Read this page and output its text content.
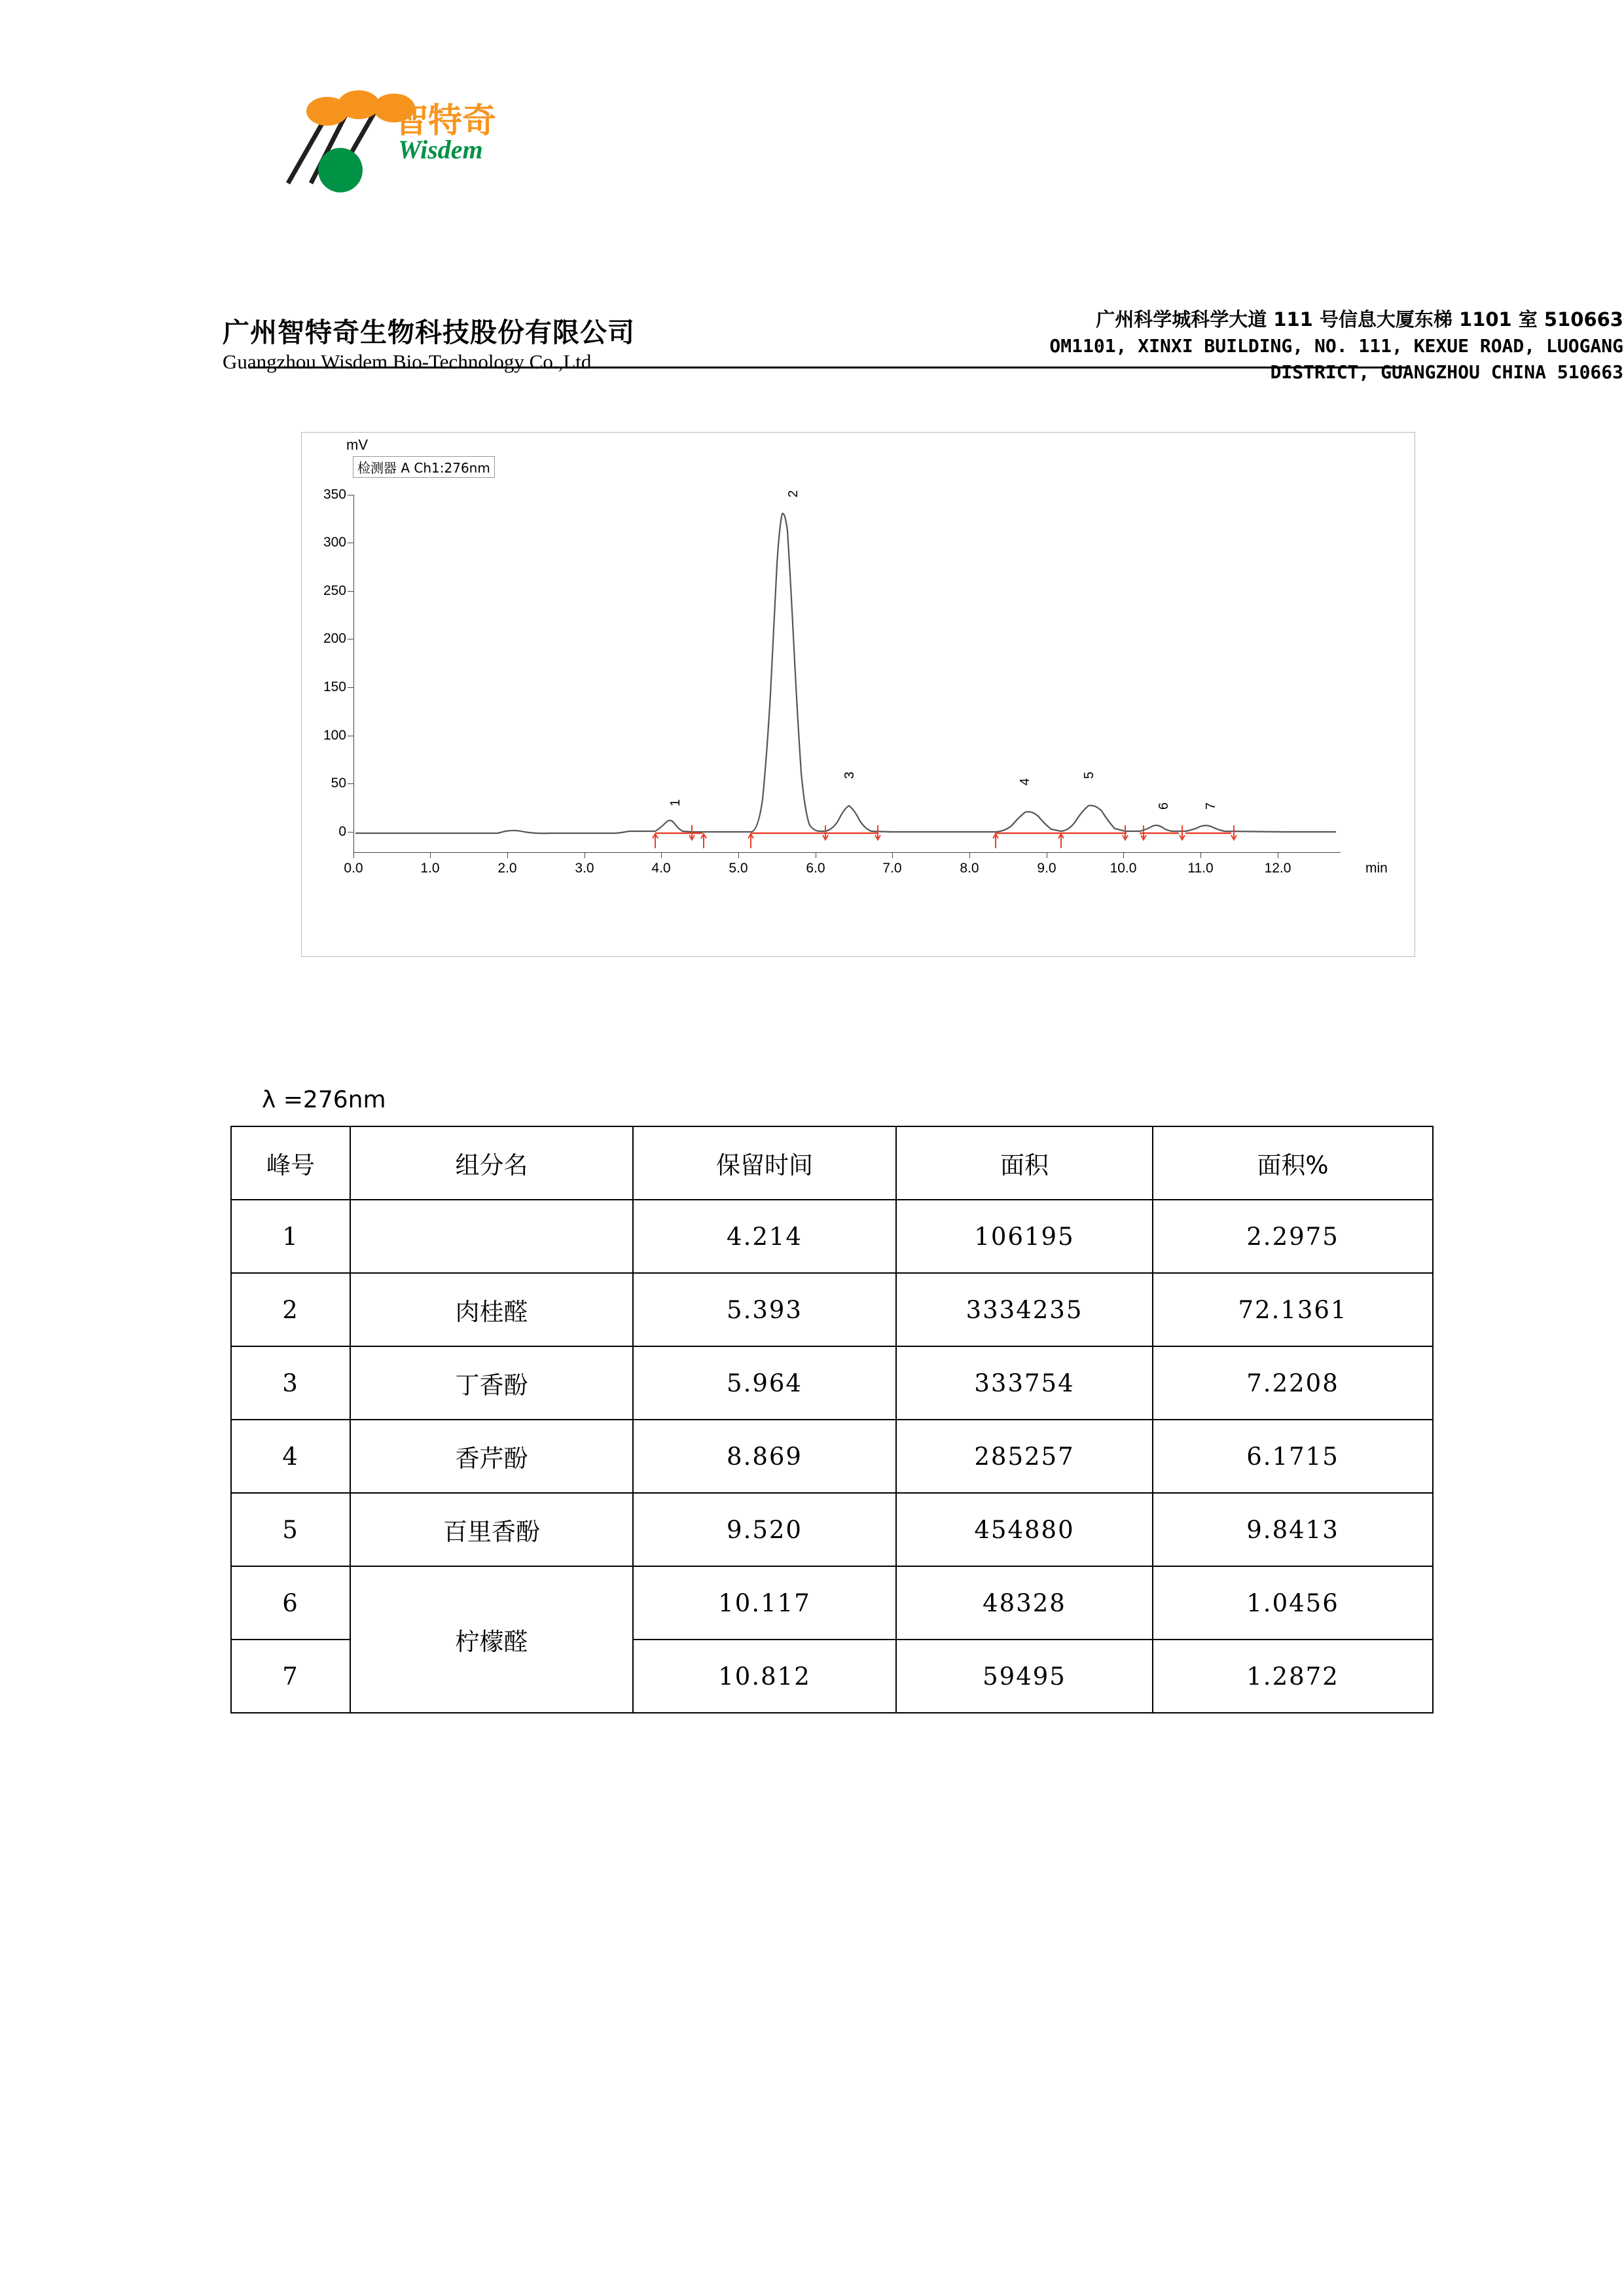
智特奇
Wisdem
广州智特奇生物科技股份有限公司
Guangzhou Wisdem Bio-Technology Co.,Ltd
广州科学城科学大道 111 号信息大厦东梯 1101 室 510663
OM1101, XINXI BUILDING, NO. 111, KEXUE ROAD, LUOGANG
DISTRICT, GUANGZHOU CHINA 510663
mV
检测器 A Ch1:276nm
350
300
250
200
150
100
50
0
0.0	1.0	2.0	3.0	4.0	5.0	6.0	7.0	8.0	9.0	10.0	11.0	12.0	min
1
2
3
4
5
6	7
λ =276nm
峰号	组分名	保留时间	面积	面积%
1		4.214	106195	2.2975
2	肉桂醛	5.393	3334235	72.1361
3	丁香酚	5.964	333754	7.2208
4	香芹酚	8.869	285257	6.1715
5	百里香酚	9.520	454880	9.8413
6	柠檬醛	10.117	48328	1.0456
7		10.812	59495	1.2872
